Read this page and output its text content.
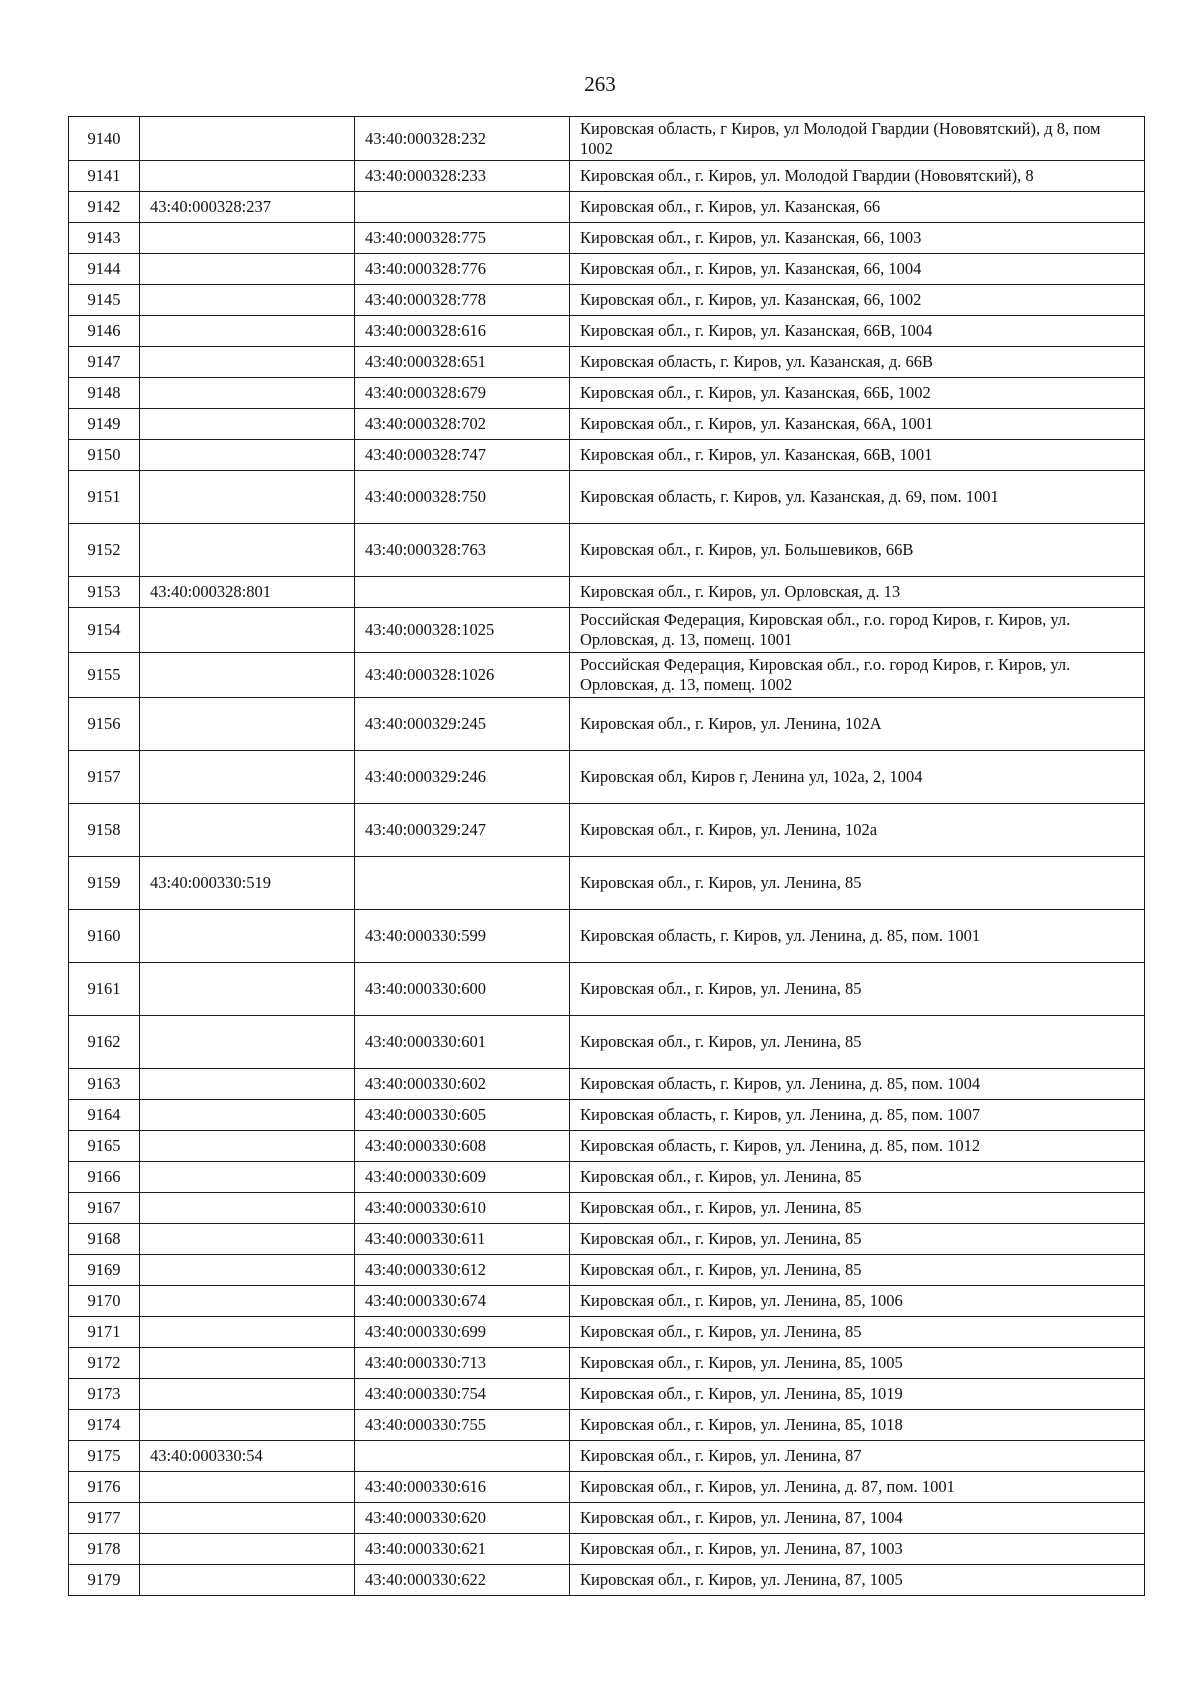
263
9140		43:40:000328:232	Кировская область, г Киров, ул Молодой Гвардии (Нововятский), д 8, пом 1002
9141		43:40:000328:233	Кировская обл., г. Киров, ул. Молодой Гвардии (Нововятский), 8
9142	43:40:000328:237		Кировская обл., г. Киров, ул. Казанская, 66
9143		43:40:000328:775	Кировская обл., г. Киров, ул. Казанская, 66, 1003
9144		43:40:000328:776	Кировская обл., г. Киров, ул. Казанская, 66, 1004
9145		43:40:000328:778	Кировская обл., г. Киров, ул. Казанская, 66, 1002
9146		43:40:000328:616	Кировская обл., г. Киров, ул. Казанская, 66В, 1004
9147		43:40:000328:651	Кировская область, г. Киров, ул. Казанская, д. 66В
9148		43:40:000328:679	Кировская обл., г. Киров, ул. Казанская, 66Б, 1002
9149		43:40:000328:702	Кировская обл., г. Киров, ул. Казанская, 66А, 1001
9150		43:40:000328:747	Кировская обл., г. Киров, ул. Казанская, 66В, 1001
9151		43:40:000328:750	Кировская область, г. Киров, ул. Казанская, д. 69, пом. 1001
9152		43:40:000328:763	Кировская обл., г. Киров, ул. Большевиков, 66В
9153	43:40:000328:801		Кировская обл., г. Киров, ул. Орловская, д. 13
9154		43:40:000328:1025	Российская Федерация, Кировская обл., г.о. город Киров, г. Киров, ул. Орловская, д. 13, помещ. 1001
9155		43:40:000328:1026	Российская Федерация, Кировская обл., г.о. город Киров, г. Киров, ул. Орловская, д. 13, помещ. 1002
9156		43:40:000329:245	Кировская обл., г. Киров, ул. Ленина, 102А
9157		43:40:000329:246	Кировская обл, Киров г, Ленина ул, 102а, 2, 1004
9158		43:40:000329:247	Кировская обл., г. Киров, ул. Ленина, 102а
9159	43:40:000330:519		Кировская обл., г. Киров, ул. Ленина, 85
9160		43:40:000330:599	Кировская область, г. Киров, ул. Ленина, д. 85, пом. 1001
9161		43:40:000330:600	Кировская обл., г. Киров, ул. Ленина, 85
9162		43:40:000330:601	Кировская обл., г. Киров, ул. Ленина, 85
9163		43:40:000330:602	Кировская область, г. Киров, ул. Ленина, д. 85, пом. 1004
9164		43:40:000330:605	Кировская область, г. Киров, ул. Ленина, д. 85, пом. 1007
9165		43:40:000330:608	Кировская область, г. Киров, ул. Ленина, д. 85, пом. 1012
9166		43:40:000330:609	Кировская обл., г. Киров, ул. Ленина, 85
9167		43:40:000330:610	Кировская обл., г. Киров, ул. Ленина, 85
9168		43:40:000330:611	Кировская обл., г. Киров, ул. Ленина, 85
9169		43:40:000330:612	Кировская обл., г. Киров, ул. Ленина, 85
9170		43:40:000330:674	Кировская обл., г. Киров, ул. Ленина, 85, 1006
9171		43:40:000330:699	Кировская обл., г. Киров, ул. Ленина, 85
9172		43:40:000330:713	Кировская обл., г. Киров, ул. Ленина, 85, 1005
9173		43:40:000330:754	Кировская обл., г. Киров, ул. Ленина, 85, 1019
9174		43:40:000330:755	Кировская обл., г. Киров, ул. Ленина, 85, 1018
9175	43:40:000330:54		Кировская обл., г. Киров, ул. Ленина, 87
9176		43:40:000330:616	Кировская обл., г. Киров, ул. Ленина, д. 87, пом. 1001
9177		43:40:000330:620	Кировская обл., г. Киров, ул. Ленина, 87, 1004
9178		43:40:000330:621	Кировская обл., г. Киров, ул. Ленина, 87, 1003
9179		43:40:000330:622	Кировская обл., г. Киров, ул. Ленина, 87, 1005
